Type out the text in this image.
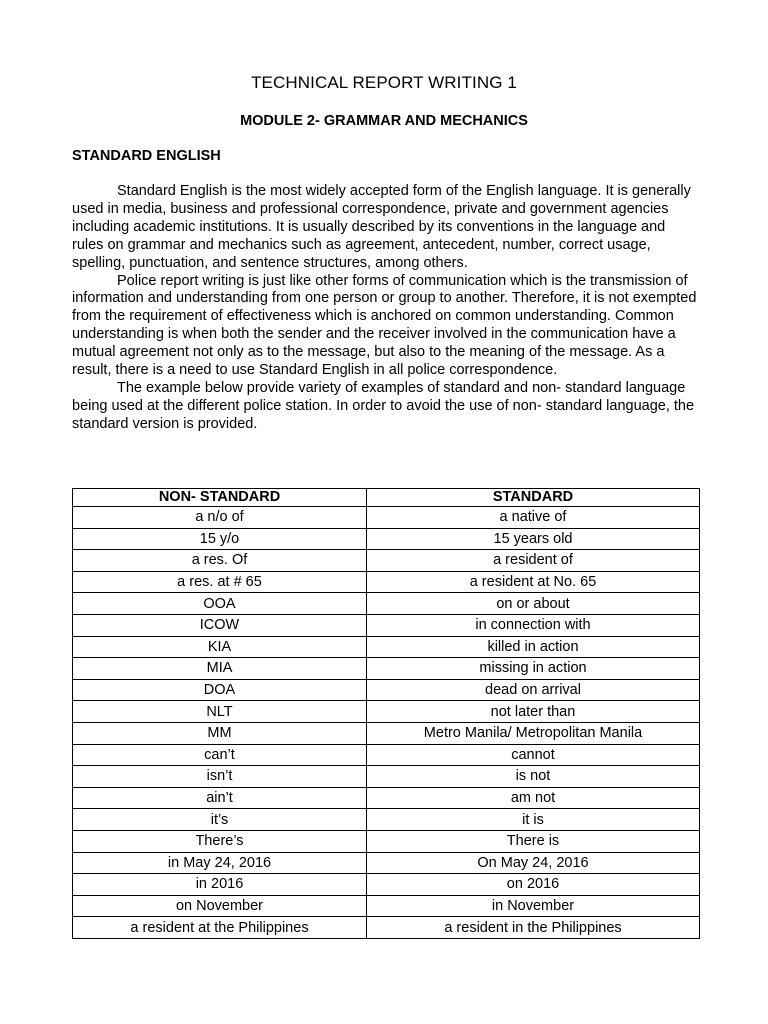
TECHNICAL REPORT WRITING 1
MODULE 2- GRAMMAR AND MECHANICS
STANDARD ENGLISH

Standard English is the most widely accepted form of the English language. It is generally used in media, business and professional correspondence, private and government agencies including academic institutions. It is usually described by its conventions in the language and rules on grammar and mechanics such as agreement, antecedent, number, correct usage, spelling, punctuation, and sentence structures, among others.

Police report writing is just like other forms of communication which is the transmission of information and understanding from one person or group to another. Therefore, it is not exempted from the requirement of effectiveness which is anchored on common understanding. Common understanding is when both the sender and the receiver involved in the communication have a mutual agreement not only as to the message, but also to the meaning of the message. As a result, there is a need to use Standard English in all police correspondence.

The example below provide variety of examples of standard and non- standard language being used at the different police station. In order to avoid the use of non- standard language, the standard version is provided.

NON- STANDARD	STANDARD
a n/o of	a native of
15 y/o	15 years old
a res. Of	a resident of
a res. at # 65	a resident at No. 65
OOA	on or about
ICOW	in connection with
KIA	killed in action
MIA	missing in action
DOA	dead on arrival
NLT	not later than
MM	Metro Manila/ Metropolitan Manila
can’t	cannot
isn’t	is not
ain’t	am not
it’s	it is
There’s	There is
in May 24, 2016	On May 24, 2016
in 2016	on 2016
on November	in November
a resident at the Philippines	a resident in the Philippines
